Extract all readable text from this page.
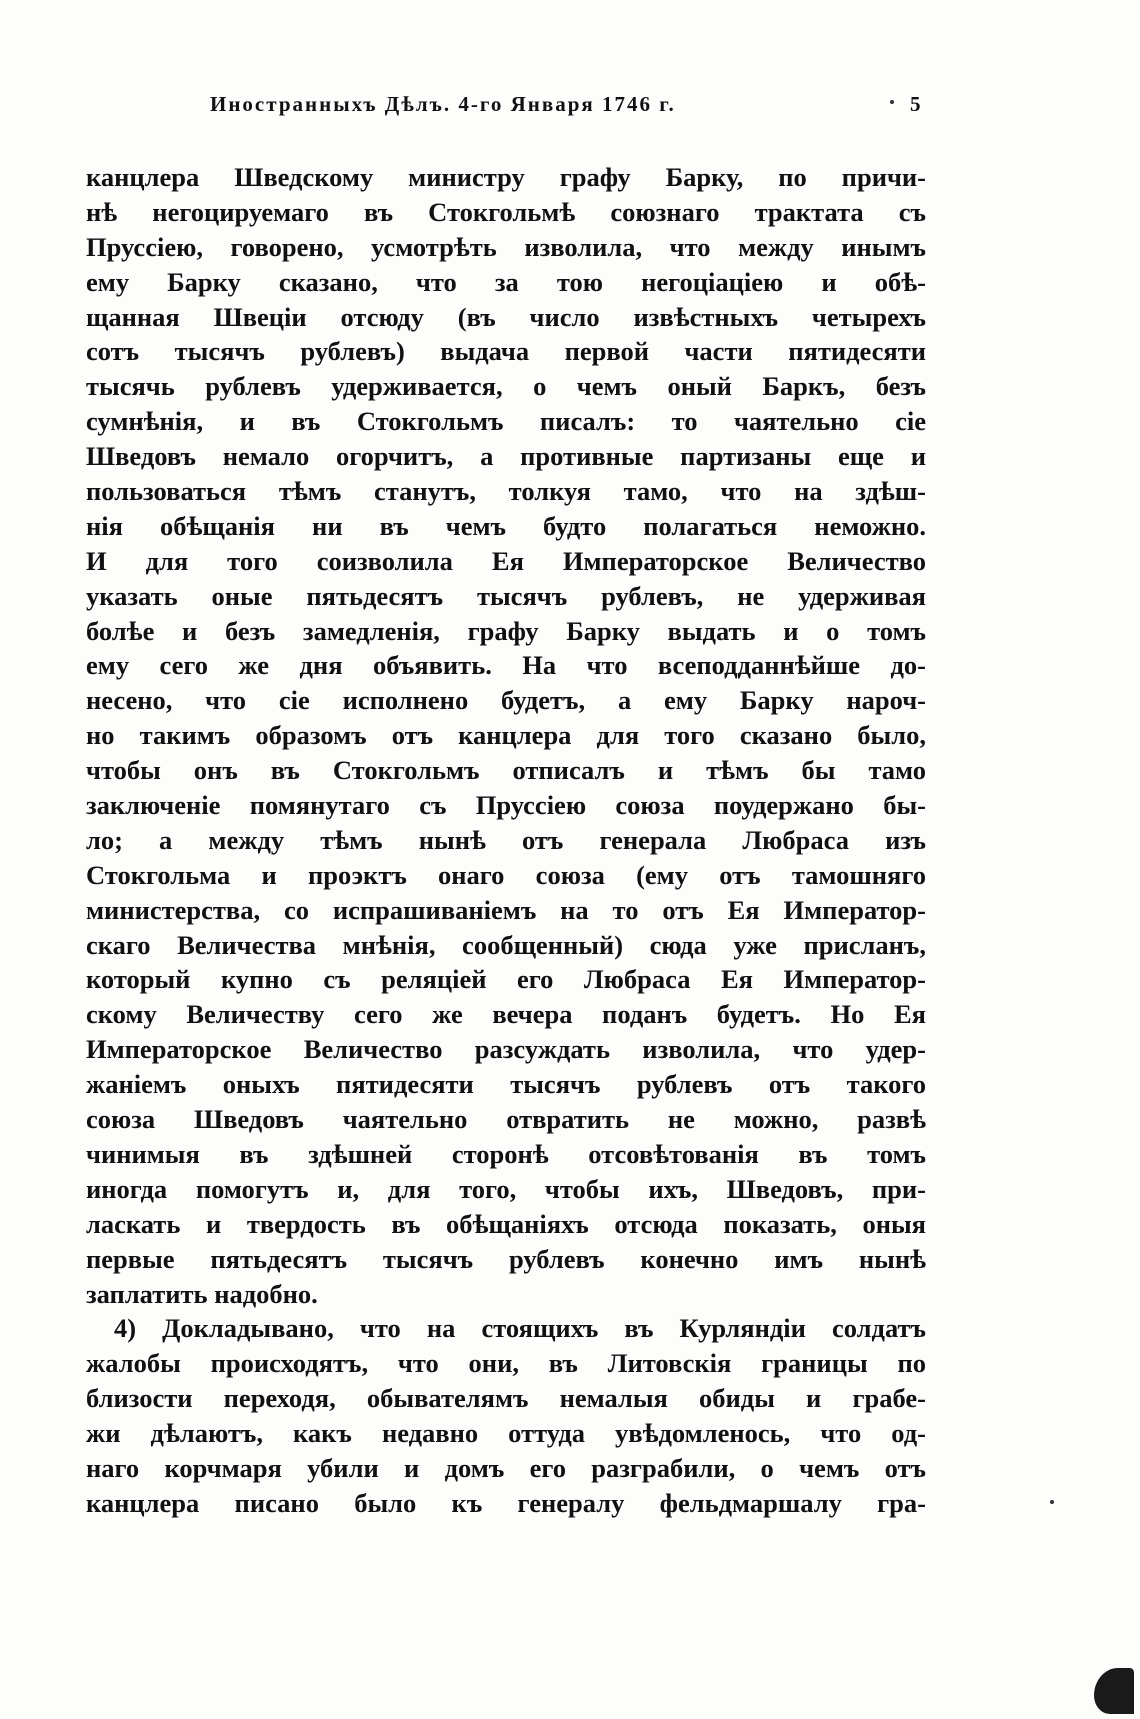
Иностранныхъ Дѣлъ. 4-го Января 1746 г.	5
канцлера Шведскому министру графу Барку, по причи-
нѣ негоцируемаго въ Стокгольмѣ союзнаго трактата съ
Пруссіею, говорено, усмотрѣть изволила, что между инымъ
ему Барку сказано, что за тою негоціаціею и обѣ-
щанная Швеціи отсюду (въ число извѣстныхъ четырехъ
сотъ тысячъ рублевъ) выдача первой части пятидесяти
тысячь рублевъ удерживается, о чемъ оный Баркъ, безъ
сумнѣнія, и въ Стокгольмъ писалъ: то чаятельно сіе
Шведовъ немало огорчитъ, а противные партизаны еще и
пользоваться тѣмъ станутъ, толкуя тамо, что на здѣш-
нія обѣщанія ни въ чемъ будто полагаться неможно.
И для того соизволила Ея Императорское Величество
указать оные пятьдесятъ тысячъ рублевъ, не удерживая
болѣе и безъ замедленія, графу Барку выдать и о томъ
ему сего же дня объявить. На что всеподданнѣйше до-
несено, что сіе исполнено будетъ, а ему Барку нароч-
но такимъ образомъ отъ канцлера для того сказано было,
чтобы онъ въ Стокгольмъ отписалъ и тѣмъ бы тамо
заключеніе помянутаго съ Пруссіею союза поудержано бы-
ло; а между тѣмъ нынѣ отъ генерала Любраса изъ
Стокгольма и проэктъ онаго союза (ему отъ тамошняго
министерства, со испрашиваніемъ на то отъ Ея Император-
скаго Величества мнѣнія, сообщенный) сюда уже присланъ,
который купно съ реляціей его Любраса Ея Император-
скому Величеству сего же вечера поданъ будетъ. Но Ея
Императорское Величество разсуждать изволила, что удер-
жаніемъ оныхъ пятидесяти тысячъ рублевъ отъ такого
союза Шведовъ чаятельно отвратить не можно, развѣ
чинимыя въ здѣшней сторонѣ отсовѣтованія въ томъ
иногда помогутъ и, для того, чтобы ихъ, Шведовъ, при-
ласкать и твердость въ обѣщаніяхъ отсюда показать, оныя
первые пятьдесятъ тысячъ рублевъ конечно имъ нынѣ
заплатить надобно.
4) Докладывано, что на стоящихъ въ Курляндіи солдатъ
жалобы происходятъ, что они, въ Литовскія границы по
близости переходя, обывателямъ немалыя обиды и грабе-
жи дѣлаютъ, какъ недавно оттуда увѣдомленось, что од-
наго корчмаря убили и домъ его разграбили, о чемъ отъ
канцлера писано было къ генералу фельдмаршалу гра-
